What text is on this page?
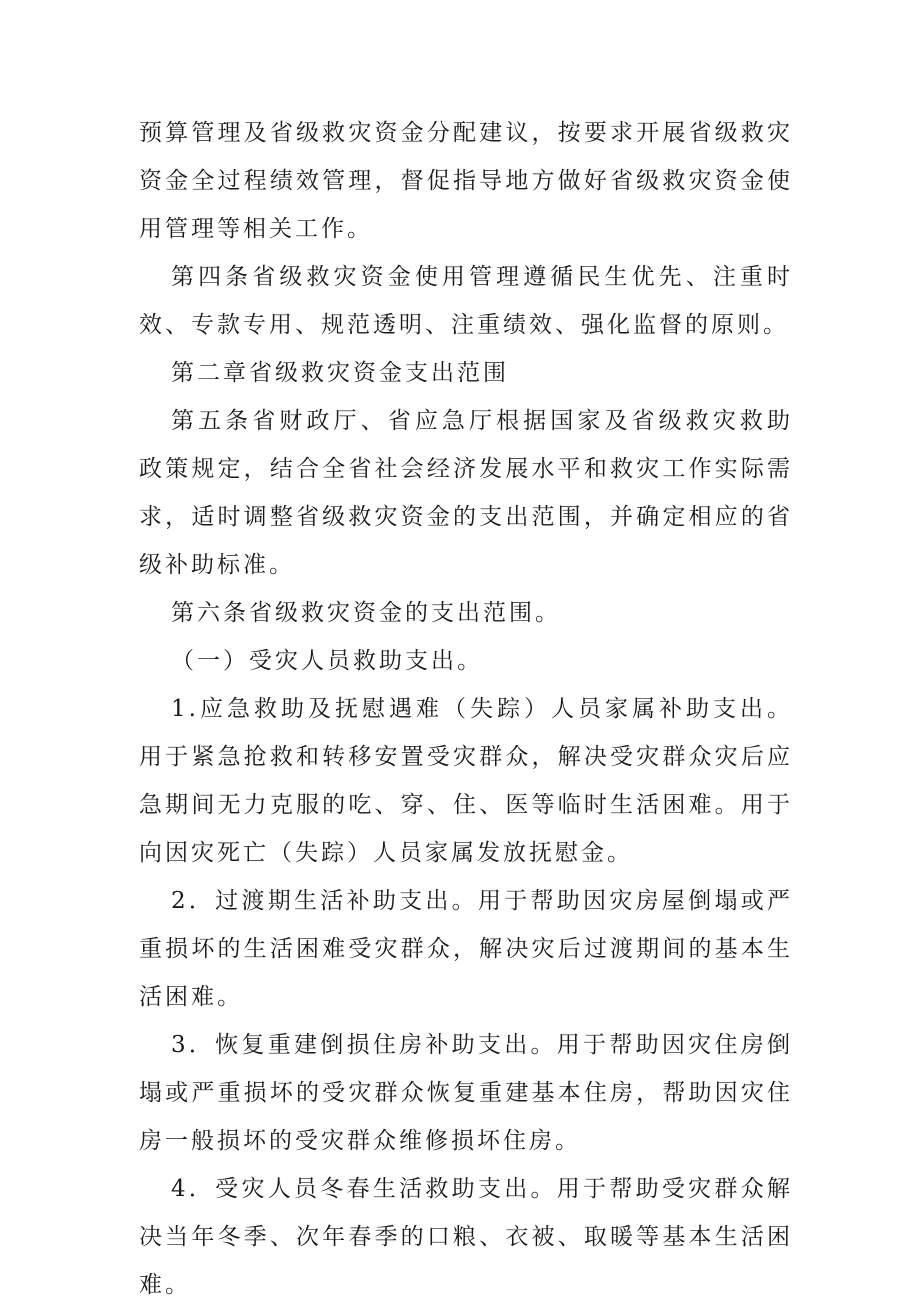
预算管理及省级救灾资金分配建议，按要求开展省级救灾资金全过程绩效管理，督促指导地方做好省级救灾资金使用管理等相关工作。

第四条省级救灾资金使用管理遵循民生优先、注重时效、专款专用、规范透明、注重绩效、强化监督的原则。

第二章省级救灾资金支出范围

第五条省财政厅、省应急厅根据国家及省级救灾救助政策规定，结合全省社会经济发展水平和救灾工作实际需求，适时调整省级救灾资金的支出范围，并确定相应的省级补助标准。

第六条省级救灾资金的支出范围。

（一）受灾人员救助支出。

1.应急救助及抚慰遇难（失踪）人员家属补助支出。用于紧急抢救和转移安置受灾群众，解决受灾群众灾后应急期间无力克服的吃、穿、住、医等临时生活困难。用于向因灾死亡（失踪）人员家属发放抚慰金。

2．过渡期生活补助支出。用于帮助因灾房屋倒塌或严重损坏的生活困难受灾群众，解决灾后过渡期间的基本生活困难。

3．恢复重建倒损住房补助支出。用于帮助因灾住房倒塌或严重损坏的受灾群众恢复重建基本住房，帮助因灾住房一般损坏的受灾群众维修损坏住房。

4．受灾人员冬春生活救助支出。用于帮助受灾群众解决当年冬季、次年春季的口粮、衣被、取暖等基本生活困难。
